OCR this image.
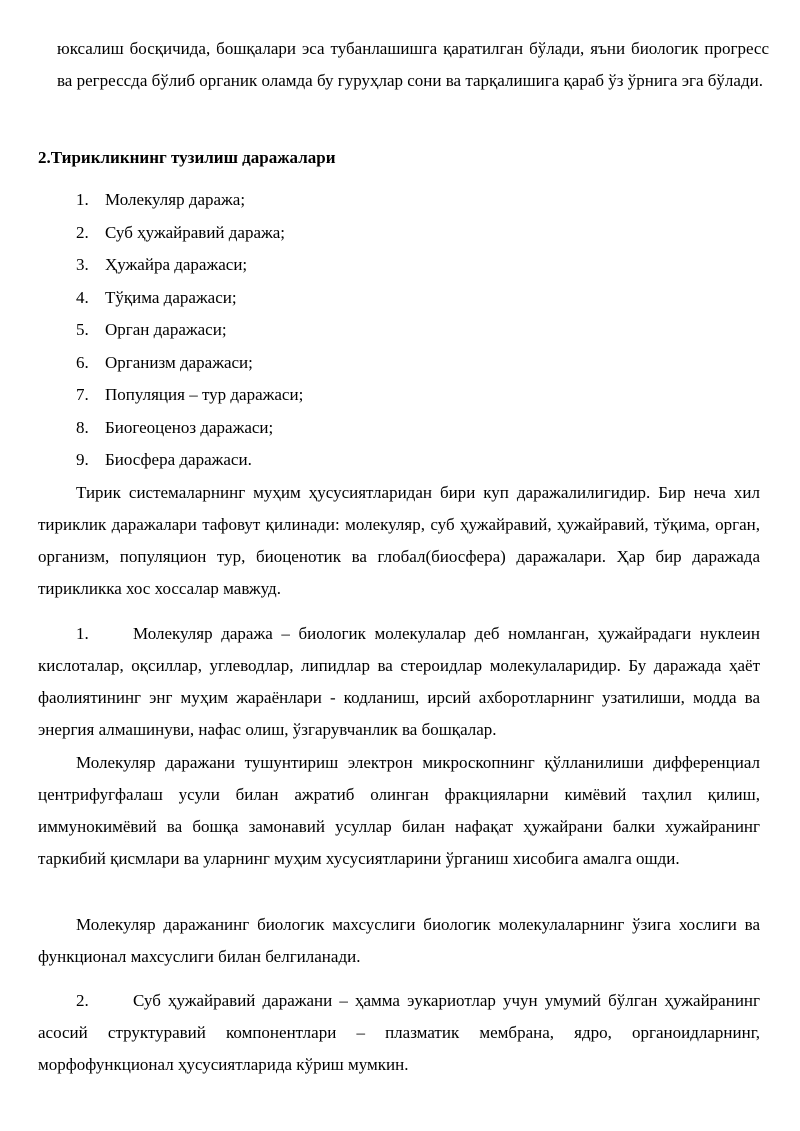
юксалиш босқичида, бошқалари эса тубанлашишга қаратилган бўлади, яъни биологик прогресс ва регрессда бўлиб органик оламда бу гуруҳлар сони ва тарқалишига қараб ўз ўрнига эга бўлади.

2.Тирикликнинг тузилиш даражалари

1. Молекуляр даража;
2. Суб ҳужайравий даража;
3. Ҳужайра даражаси;
4. Тўқима даражаси;
5. Орган даражаси;
6. Организм даражаси;
7. Популяция – тур даражаси;
8. Биогеоценоз даражаси;
9. Биосфера даражаси.

Тирик системаларнинг муҳим ҳусусиятларидан бири куп даражалилигидир. Бир неча хил тириклик даражалари тафовут қилинади: молекуляр, суб ҳужайравий, ҳужайравий, тўқима, орган, организм, популяцион тур, биоценотик ва глобал(биосфера) даражалари. Ҳар бир даражада тирикликка хос хоссалар мавжуд.

1.	Молекуляр даража – биологик молекулалар деб номланган, ҳужайрадаги нуклеин кислоталар, оқсиллар, углеводлар, липидлар ва стероидлар молекулаларидир. Бу даражада ҳаёт фаолиятининг энг муҳим жараёнлари - кодланиш, ирсий ахборотларнинг узатилиши, модда ва энергия алмашинуви, нафас олиш, ўзгарувчанлик ва бошқалар.

Молекуляр даражани тушунтириш электрон микроскопнинг қўлланилиши дифференциал центрифугфалаш усули билан ажратиб олинган фракцияларни кимёвий таҳлил қилиш, иммунокимёвий ва бошқа замонавий усуллар билан нафақат ҳужайрани балки хужайранинг таркибий қисмлари ва уларнинг муҳим хусусиятларини ўрганиш хисобига амалга ошди.

Молекуляр даражанинг биологик махсуслиги биологик молекулаларнинг ўзига хослиги ва функционал махсуслиги билан белгиланади.

2.	Суб ҳужайравий даражани – ҳамма эукариотлар учун умумий бўлган ҳужайранинг асосий структуравий компонентлари – плазматик мембрана, ядро, органоидларнинг, морфофункционал ҳусусиятларида кўриш мумкин.
